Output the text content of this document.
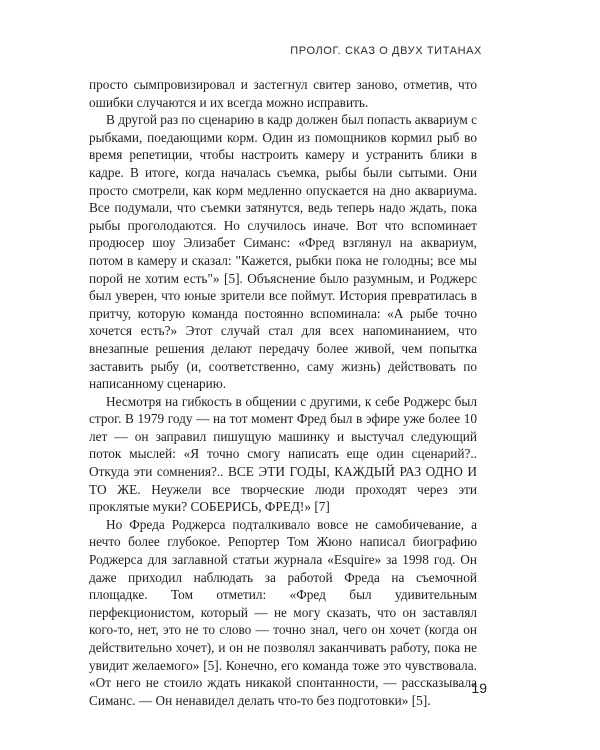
ПРОЛОГ. СКАЗ О ДВУХ ТИТАНАХ

просто сымпровизировал и застегнул свитер заново, отметив, что ошибки случаются и их всегда можно исправить.

В другой раз по сценарию в кадр должен был попасть аквариум с рыбками, поедающими корм. Один из помощников кормил рыб во время репетиции, чтобы настроить камеру и устранить блики в кадре. В итоге, когда началась съемка, рыбы были сытыми. Они просто смотрели, как корм медленно опускается на дно аквариума. Все подумали, что съемки затянутся, ведь теперь надо ждать, пока рыбы проголодаются. Но случилось иначе. Вот что вспоминает продюсер шоу Элизабет Симанс: «Фред взглянул на аквариум, потом в камеру и сказал: "Кажется, рыбки пока не голодны; все мы порой не хотим есть"» [5]. Объяснение было разумным, и Роджерс был уверен, что юные зрители все поймут. История превратилась в притчу, которую команда постоянно вспоминала: «А рыбе точно хочется есть?» Этот случай стал для всех напоминанием, что внезапные решения делают передачу более живой, чем попытка заставить рыбу (и, соответственно, саму жизнь) действовать по написанному сценарию.

Несмотря на гибкость в общении с другими, к себе Роджерс был строг. В 1979 году — на тот момент Фред был в эфире уже более 10 лет — он заправил пишущую машинку и выстучал следующий поток мыслей: «Я точно смогу написать еще один сценарий?.. Откуда эти сомнения?.. ВСЕ ЭТИ ГОДЫ, КАЖДЫЙ РАЗ ОДНО И ТО ЖЕ. Неужели все творческие люди проходят через эти проклятые муки? СОБЕРИСЬ, ФРЕД!» [7]

Но Фреда Роджерса подталкивало вовсе не самобичевание, а нечто более глубокое. Репортер Том Жюно написал биографию Роджерса для заглавной статьи журнала «Esquire» за 1998 год. Он даже приходил наблюдать за работой Фреда на съемочной площадке. Том отметил: «Фред был удивительным перфекционистом, который — не могу сказать, что он заставлял кого-то, нет, это не то слово — точно знал, чего он хочет (когда он действительно хочет), и он не позволял заканчивать работу, пока не увидит желаемого» [5]. Конечно, его команда тоже это чувствовала. «От него не стоило ждать никакой спонтанности, — рассказывала Симанс. — Он ненавидел делать что-то без подготовки» [5].

19
